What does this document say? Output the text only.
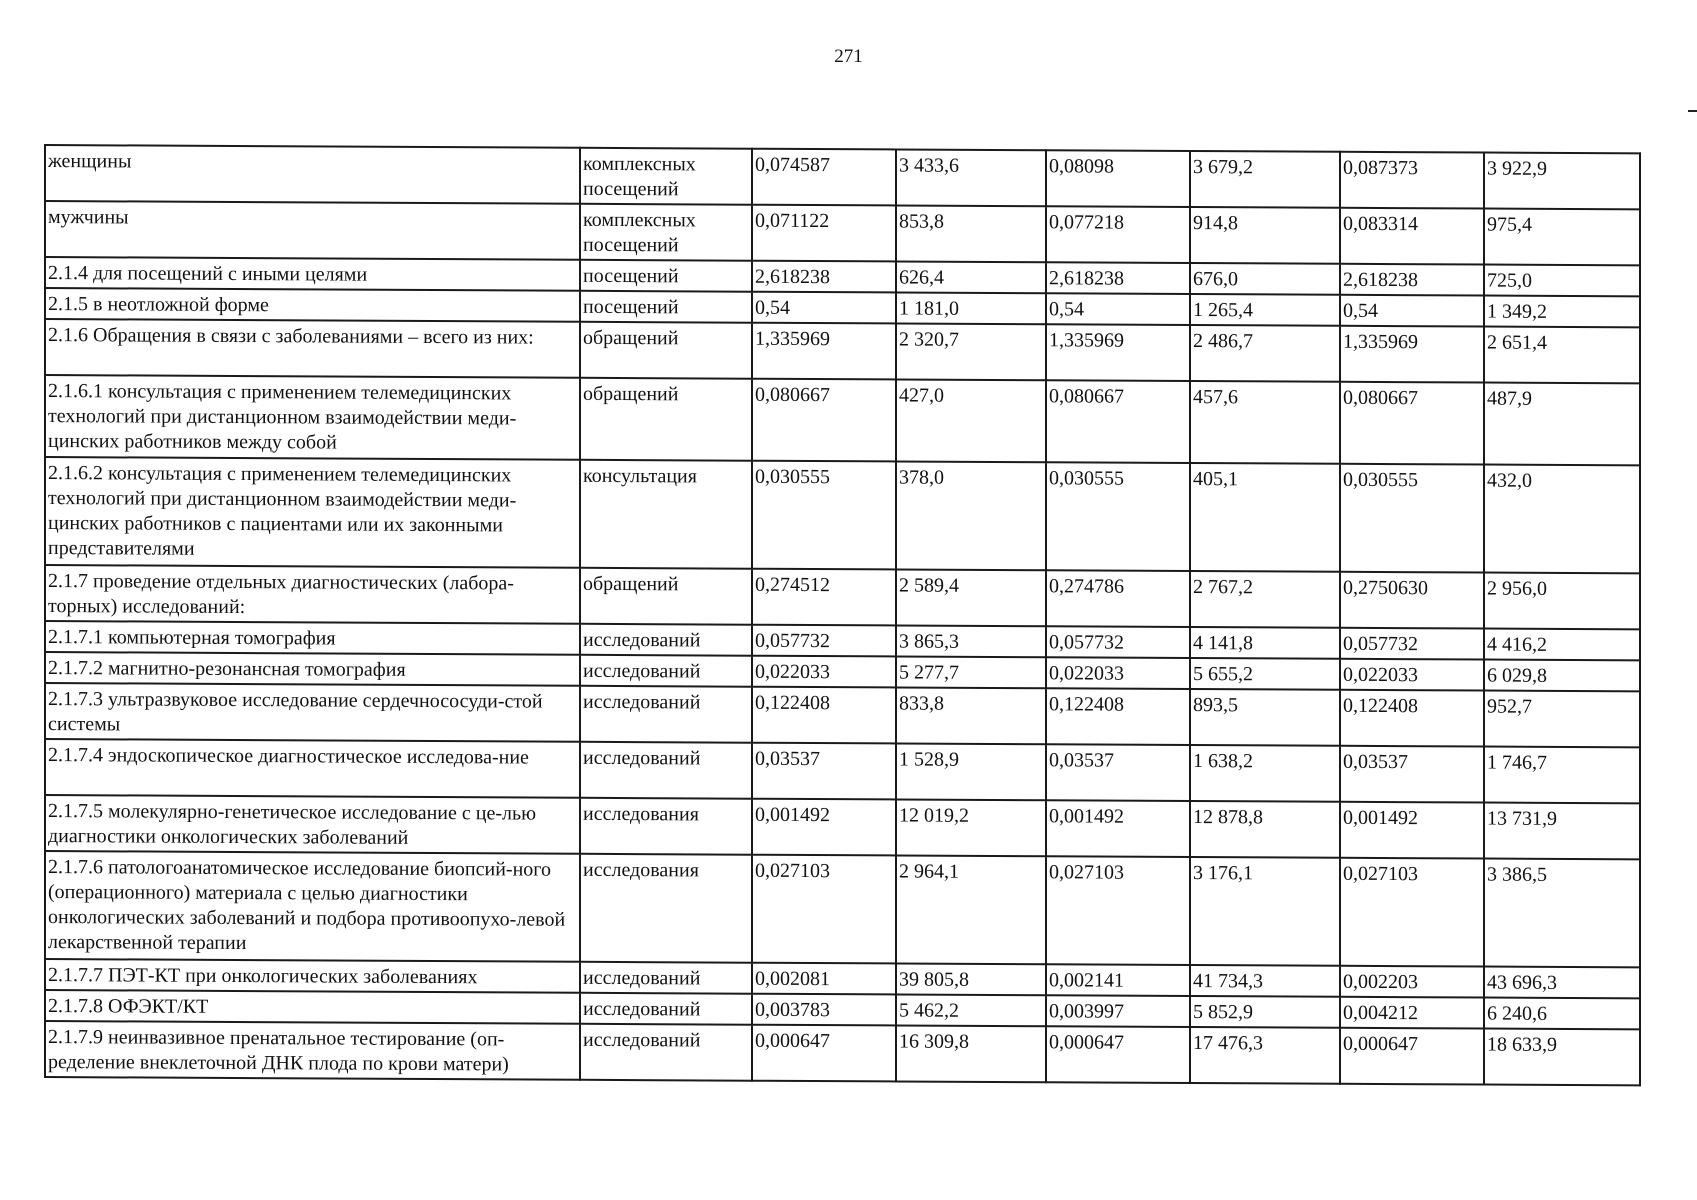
271
женщины	комплексных посещений	0,074587	3 433,6	0,08098	3 679,2	0,087373	3 922,9
мужчины	комплексных посещений	0,071122	853,8	0,077218	914,8	0,083314	975,4
2.1.4 для посещений с иными целями	посещений	2,618238	626,4	2,618238	676,0	2,618238	725,0
2.1.5 в неотложной форме	посещений	0,54	1 181,0	0,54	1 265,4	0,54	1 349,2
2.1.6 Обращения в связи с заболеваниями – всего из них:	обращений	1,335969	2 320,7	1,335969	2 486,7	1,335969	2 651,4
2.1.6.1 консультация с применением телемедицинских технологий при дистанционном взаимодействии меди-цинских работников между собой	обращений	0,080667	427,0	0,080667	457,6	0,080667	487,9
2.1.6.2 консультация с применением телемедицинских технологий при дистанционном взаимодействии меди-цинских работников с пациентами или их законными представителями	консультация	0,030555	378,0	0,030555	405,1	0,030555	432,0
2.1.7 проведение отдельных диагностических (лабора-торных) исследований:	обращений	0,274512	2 589,4	0,274786	2 767,2	0,2750630	2 956,0
2.1.7.1 компьютерная томография	исследований	0,057732	3 865,3	0,057732	4 141,8	0,057732	4 416,2
2.1.7.2 магнитно-резонансная томография	исследований	0,022033	5 277,7	0,022033	5 655,2	0,022033	6 029,8
2.1.7.3 ультразвуковое исследование сердечнососуди-стой системы	исследований	0,122408	833,8	0,122408	893,5	0,122408	952,7
2.1.7.4 эндоскопическое диагностическое исследова-ние	исследований	0,03537	1 528,9	0,03537	1 638,2	0,03537	1 746,7
2.1.7.5 молекулярно-генетическое исследование с це-лью диагностики онкологических заболеваний	исследования	0,001492	12 019,2	0,001492	12 878,8	0,001492	13 731,9
2.1.7.6 патологоанатомическое исследование биопсий-ного (операционного) материала с целью диагностики онкологических заболеваний и подбора противоопухо-левой лекарственной терапии	исследования	0,027103	2 964,1	0,027103	3 176,1	0,027103	3 386,5
2.1.7.7 ПЭТ-КТ при онкологических заболеваниях	исследований	0,002081	39 805,8	0,002141	41 734,3	0,002203	43 696,3
2.1.7.8 ОФЭКТ/КТ	исследований	0,003783	5 462,2	0,003997	5 852,9	0,004212	6 240,6
2.1.7.9 неинвазивное пренатальное тестирование (оп-ределение внеклеточной ДНК плода по крови матери)	исследований	0,000647	16 309,8	0,000647	17 476,3	0,000647	18 633,9
